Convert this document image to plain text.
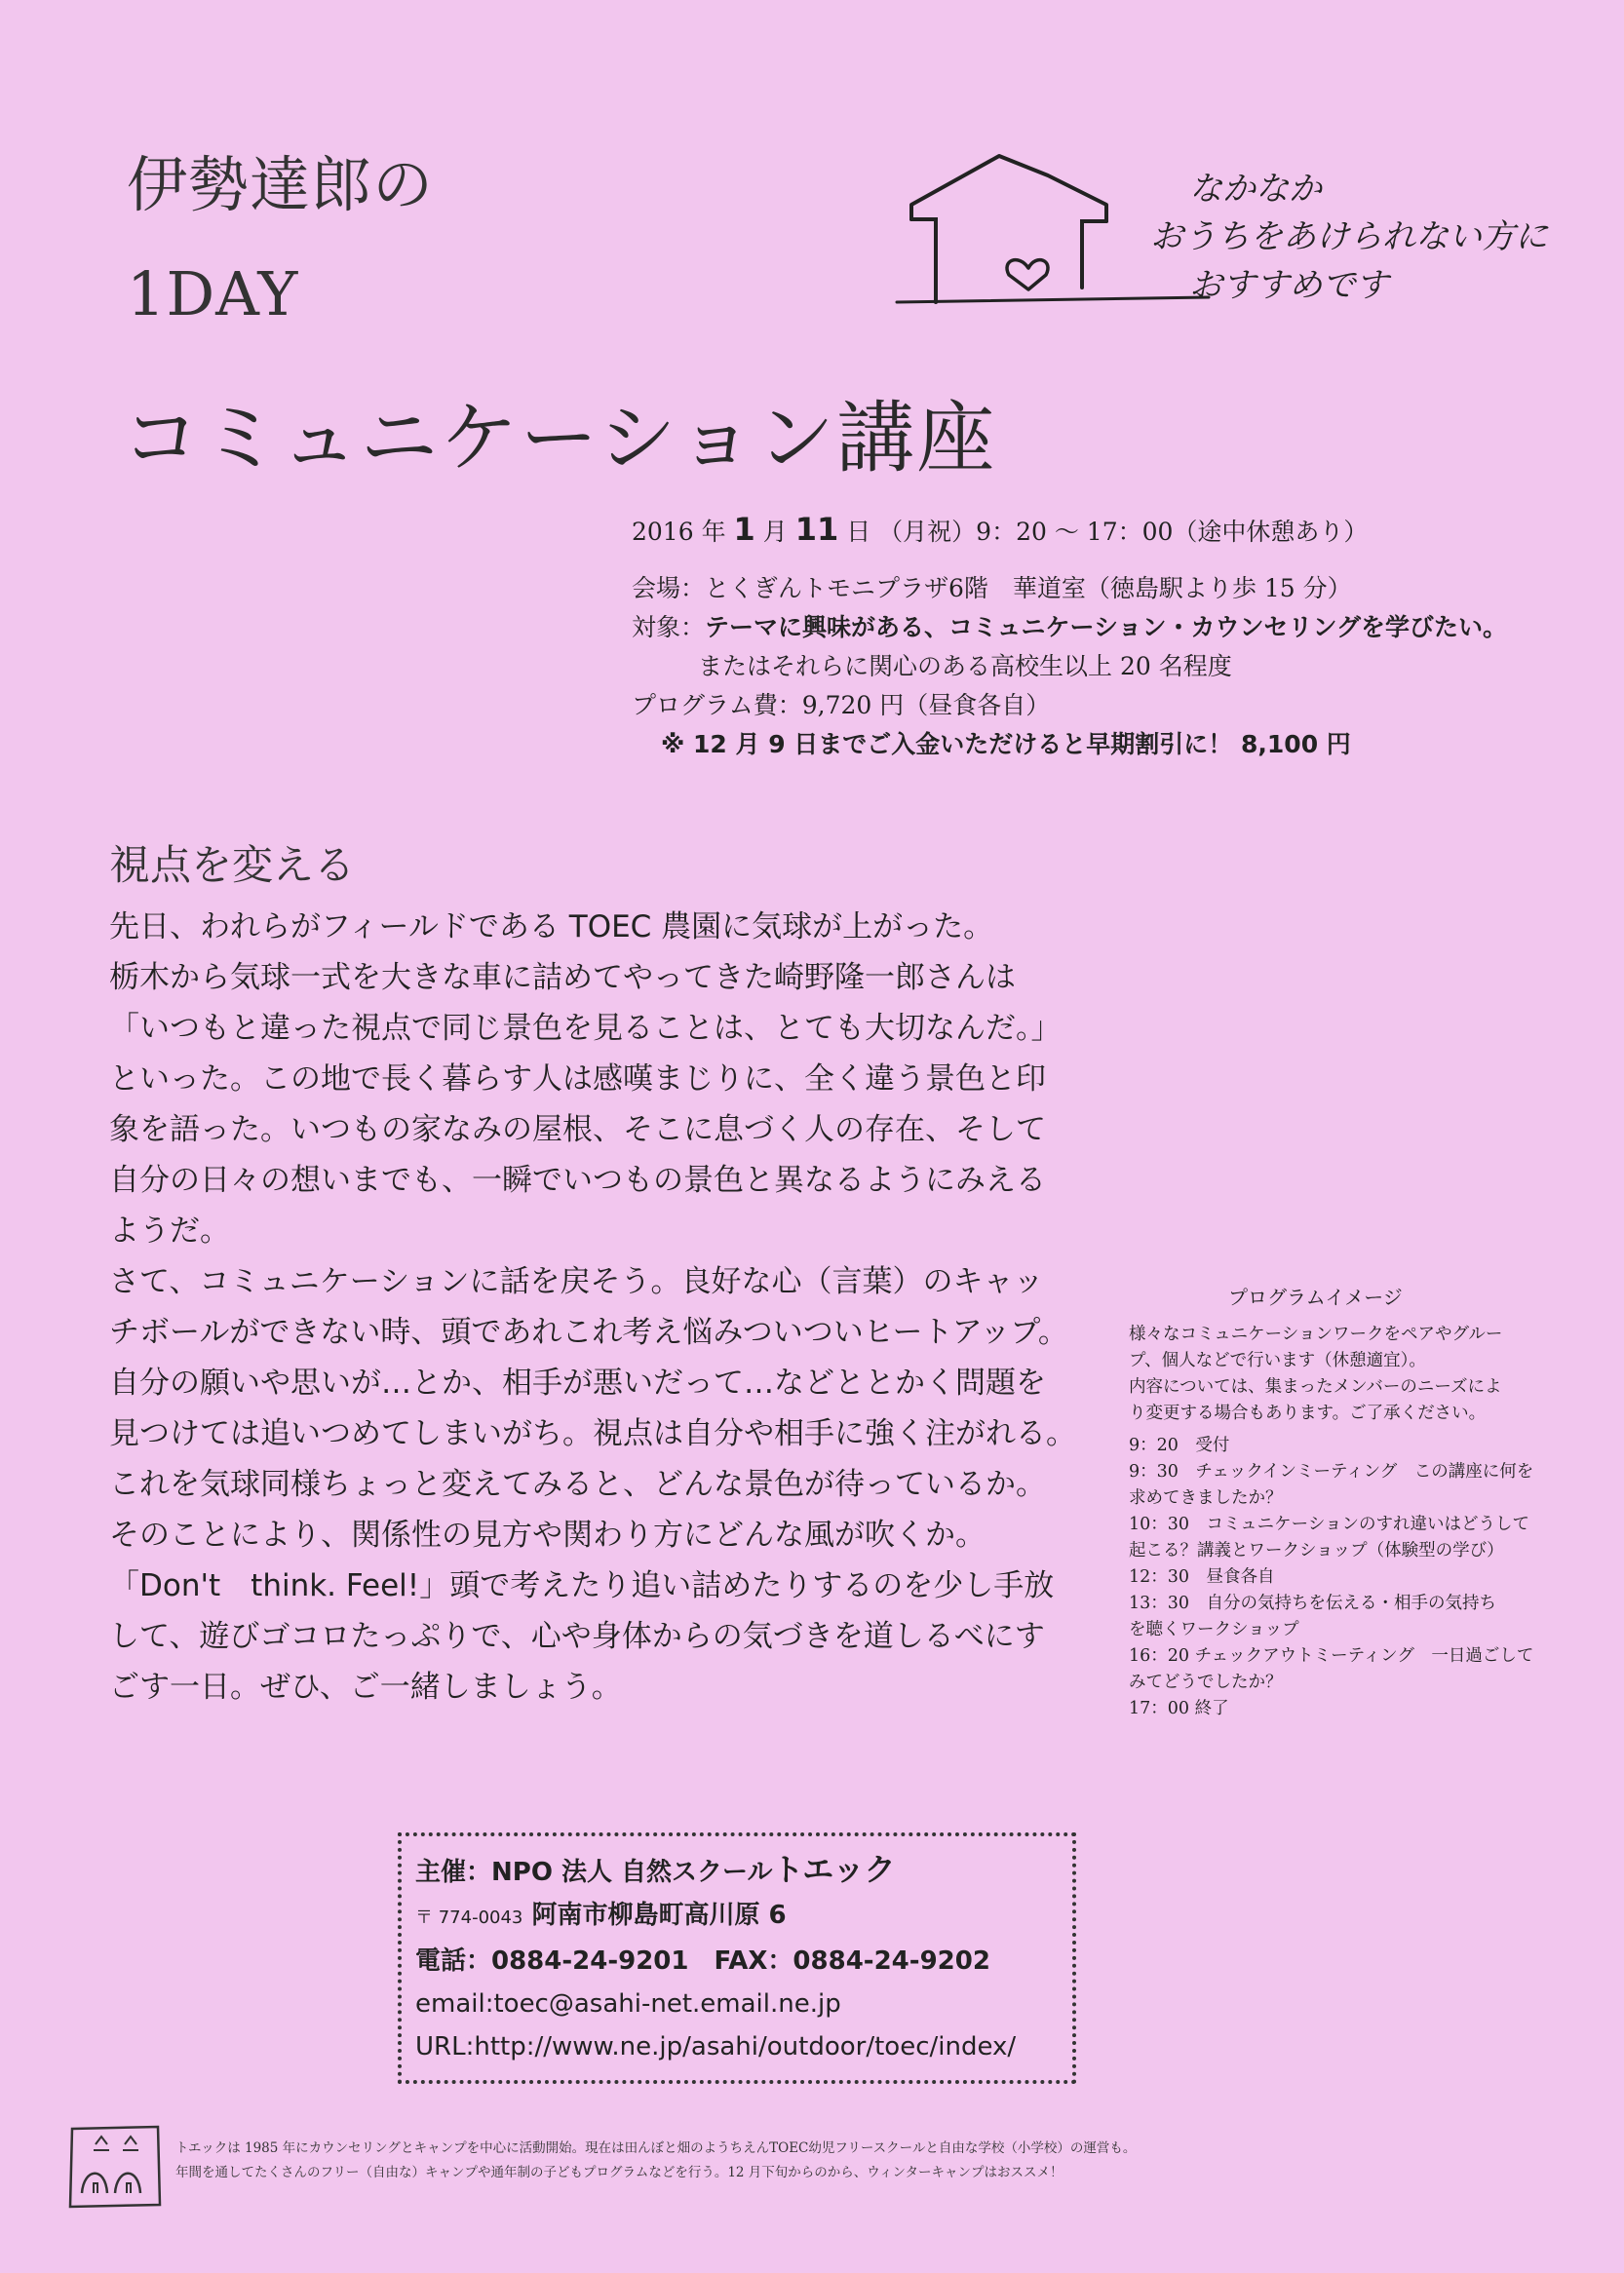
伊勢達郎の
1DAY
コミュニケーション講座
なかなか
おうちをあけられない方に
おすすめです
2016 年 1 月 11 日 （月祝）9：20 ～ 17：00（途中休憩あり）
会場：とくぎんトモニプラザ6階　華道室（徳島駅より歩 15 分）
対象：テーマに興味がある、コミュニケーション・カウンセリングを学びたい。
またはそれらに関心のある高校生以上 20 名程度
プログラム費：9,720 円（昼食各自）
※ 12 月 9 日までご入金いただけると早期割引に！ 8,100 円
視点を変える

先日、われらがフィールドである TOEC 農園に気球が上がった。

栃木から気球一式を大きな車に詰めてやってきた崎野隆一郎さんは

「いつもと違った視点で同じ景色を見ることは、とても大切なんだ。」

といった。この地で長く暮らす人は感嘆まじりに、全く違う景色と印

象を語った。いつもの家なみの屋根、そこに息づく人の存在、そして

自分の日々の想いまでも、一瞬でいつもの景色と異なるようにみえる

ようだ。

さて、コミュニケーションに話を戻そう。良好な心（言葉）のキャッ

チボールができない時、頭であれこれ考え悩みついついヒートアップ。

自分の願いや思いが…とか、相手が悪いだって…などととかく問題を

見つけては追いつめてしまいがち。視点は自分や相手に強く注がれる。

これを気球同様ちょっと変えてみると、どんな景色が待っているか。

そのことにより、関係性の見方や関わり方にどんな風が吹くか。

「Don't　think. Feel!」頭で考えたり追い詰めたりするのを少し手放

して、遊びゴコロたっぷりで、心や身体からの気づきを道しるべにす

ごす一日。ぜひ、ご一緒しましょう。

プログラムイメージ

様々なコミュニケーションワークをペアやグルー

プ、個人などで行います（休憩適宜）。

内容については、集まったメンバーのニーズによ

り変更する場合もあります。ご了承ください。

9：20　受付

9：30　チェックインミーティング　この講座に何を

求めてきましたか？

10：30　コミュニケーションのすれ違いはどうして

起こる？講義とワークショップ（体験型の学び）

12：30　昼食各自

13：30　自分の気持ちを伝える・相手の気持ち

を聴くワークショップ

16：20 チェックアウトミーティング　一日過ごして

みてどうでしたか？

17：00 終了

主催：NPO 法人 自然スクールトエック
〒 774-0043 阿南市柳島町高川原 6
電話：0884-24-9201　FAX：0884-24-9202
email:toec@asahi-net.email.ne.jp
URL:http://www.ne.jp/asahi/outdoor/toec/index/
トエックは 1985 年にカウンセリングとキャンプを中心に活動開始。現在は田んぼと畑のようちえんTOEC幼児フリースクールと自由な学校（小学校）の運営も。
年間を通してたくさんのフリー（自由な）キャンプや通年制の子どもプログラムなどを行う。12 月下旬からのから、ウィンターキャンプはおススメ！
